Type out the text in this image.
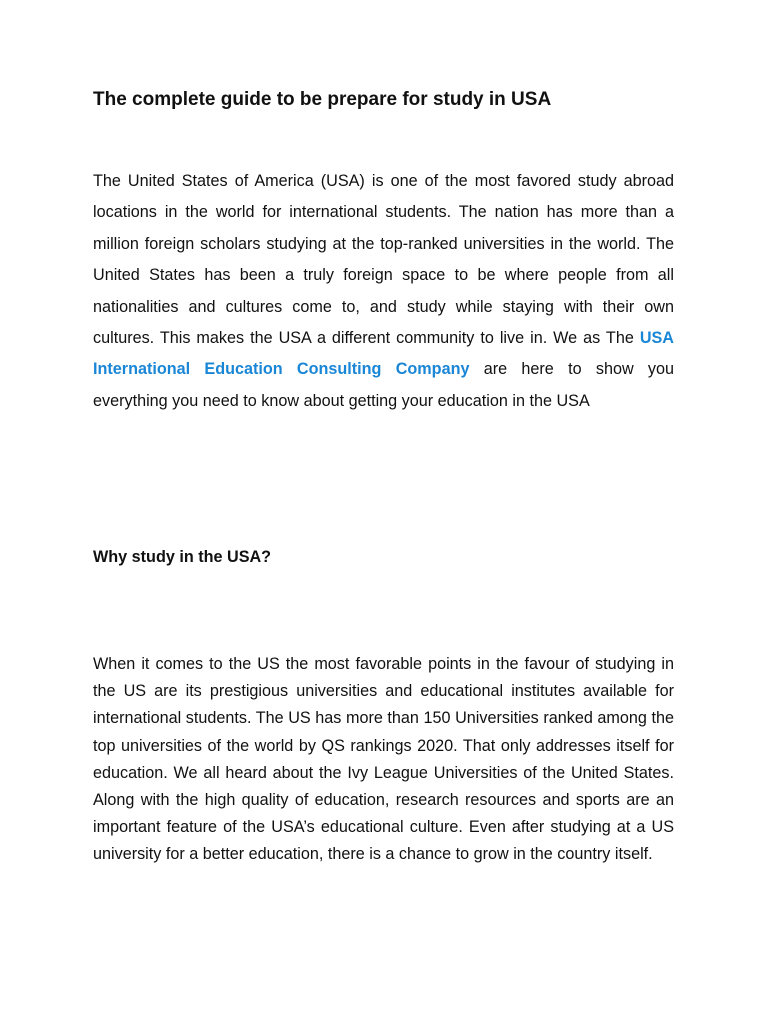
The complete guide to be prepare for study in USA

The United States of America (USA) is one of the most favored study abroad locations in the world for international students. The nation has more than a million foreign scholars studying at the top-ranked universities in the world. The United States has been a truly foreign space to be where people from all nationalities and cultures come to, and study while staying with their own cultures. This makes the USA a different community to live in. We as The USA International Education Consulting Company are here to show you everything you need to know about getting your education in the USA

Why study in the USA?

When it comes to the US the most favorable points in the favour of studying in the US are its prestigious universities and educational institutes available for international students. The US has more than 150 Universities ranked among the top universities of the world by QS rankings 2020. That only addresses itself for education. We all heard about the Ivy League Universities of the United States. Along with the high quality of education, research resources and sports are an important feature of the USA’s educational culture. Even after studying at a US university for a better education, there is a chance to grow in the country itself.
